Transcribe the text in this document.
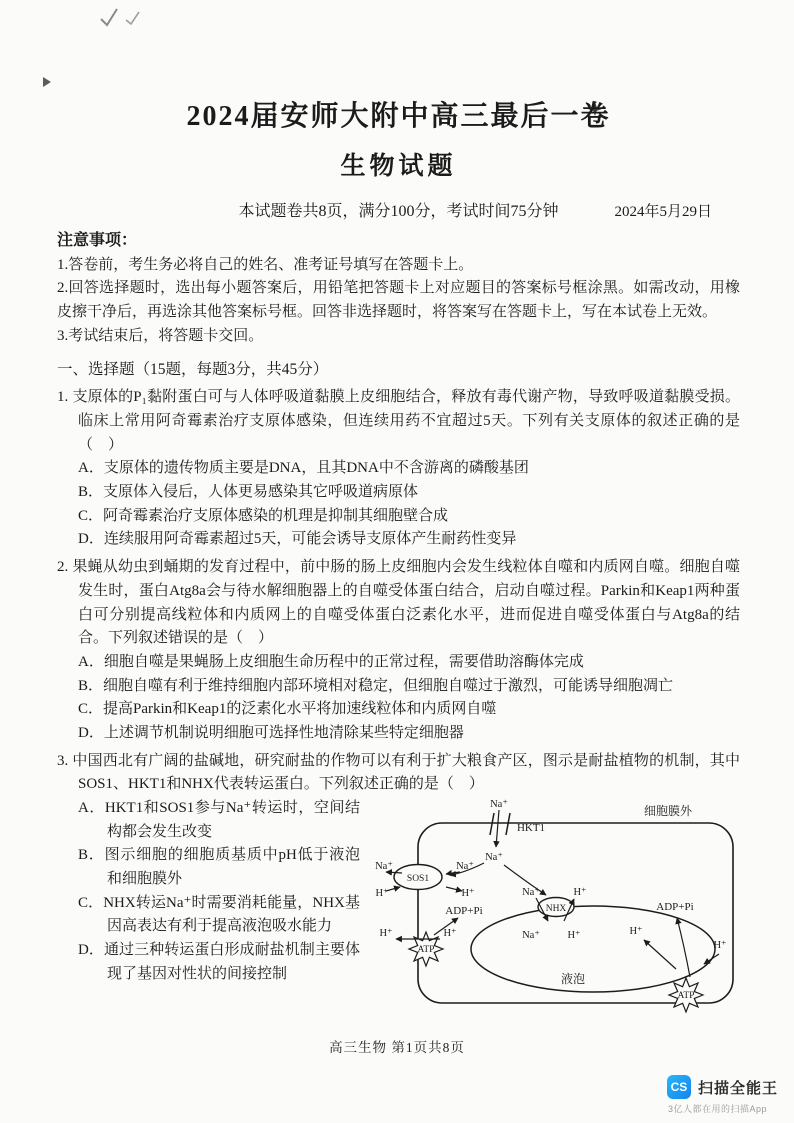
2024届安师大附中高三最后一卷
生物试题
本试题卷共8页，满分100分，考试时间75分钟	2024年5月29日
注意事项：
1.答卷前，考生务必将自己的姓名、准考证号填写在答题卡上。
2.回答选择题时，选出每小题答案后，用铅笔把答题卡上对应题目的答案标号框涂黑。如需改动，用橡皮擦干净后，再选涂其他答案标号框。回答非选择题时，将答案写在答题卡上，写在本试卷上无效。
3.考试结束后，将答题卡交回。
一、选择题（15题，每题3分，共45分）

1. 支原体的P₁黏附蛋白可与人体呼吸道黏膜上皮细胞结合，释放有毒代谢产物，导致呼吸道黏膜受损。临床上常用阿奇霉素治疗支原体感染，但连续用药不宜超过5天。下列有关支原体的叙述正确的是（　）

A．支原体的遗传物质主要是DNA，且其DNA中不含游离的磷酸基团

B．支原体入侵后，人体更易感染其它呼吸道病原体

C．阿奇霉素治疗支原体感染的机理是抑制其细胞壁合成

D．连续服用阿奇霉素超过5天，可能会诱导支原体产生耐药性变异

2. 果蝇从幼虫到蛹期的发育过程中，前中肠的肠上皮细胞内会发生线粒体自噬和内质网自噬。细胞自噬发生时，蛋白Atg8a会与待水解细胞器上的自噬受体蛋白结合，启动自噬过程。Parkin和Keap1两种蛋白可分别提高线粒体和内质网上的自噬受体蛋白泛素化水平，进而促进自噬受体蛋白与Atg8a的结合。下列叙述错误的是（　）

A．细胞自噬是果蝇肠上皮细胞生命历程中的正常过程，需要借助溶酶体完成

B．细胞自噬有利于维持细胞内部环境相对稳定，但细胞自噬过于激烈，可能诱导细胞凋亡

C．提高Parkin和Keap1的泛素化水平将加速线粒体和内质网自噬

D．上述调节机制说明细胞可选择性地清除某些特定细胞器

3. 中国西北有广阔的盐碱地，研究耐盐的作物可以有利于扩大粮食产区，图示是耐盐植物的机制，其中SOS1、HKT1和NHX代表转运蛋白。下列叙述正确的是（　）

细胞膜外
Na⁺
HKT1
Na⁺
SOS1
Na⁺
H⁺
Na⁺
H⁺
ADP+Pi
ATP
H⁺	H⁺
液泡
NHX
Na⁺	H⁺
Na⁺	H⁺
ADP+Pi
ATP
H⁺
H⁺

A．HKT1和SOS1参与Na⁺转运时，空间结构都会发生改变

B．图示细胞的细胞质基质中pH低于液泡和细胞膜外

C．NHX转运Na⁺时需要消耗能量，NHX基因高表达有利于提高液泡吸水能力

D．通过三种转运蛋白形成耐盐机制主要体现了基因对性状的间接控制

高三生物 第1页共8页
CS 扫描全能王
3亿人都在用的扫描App
